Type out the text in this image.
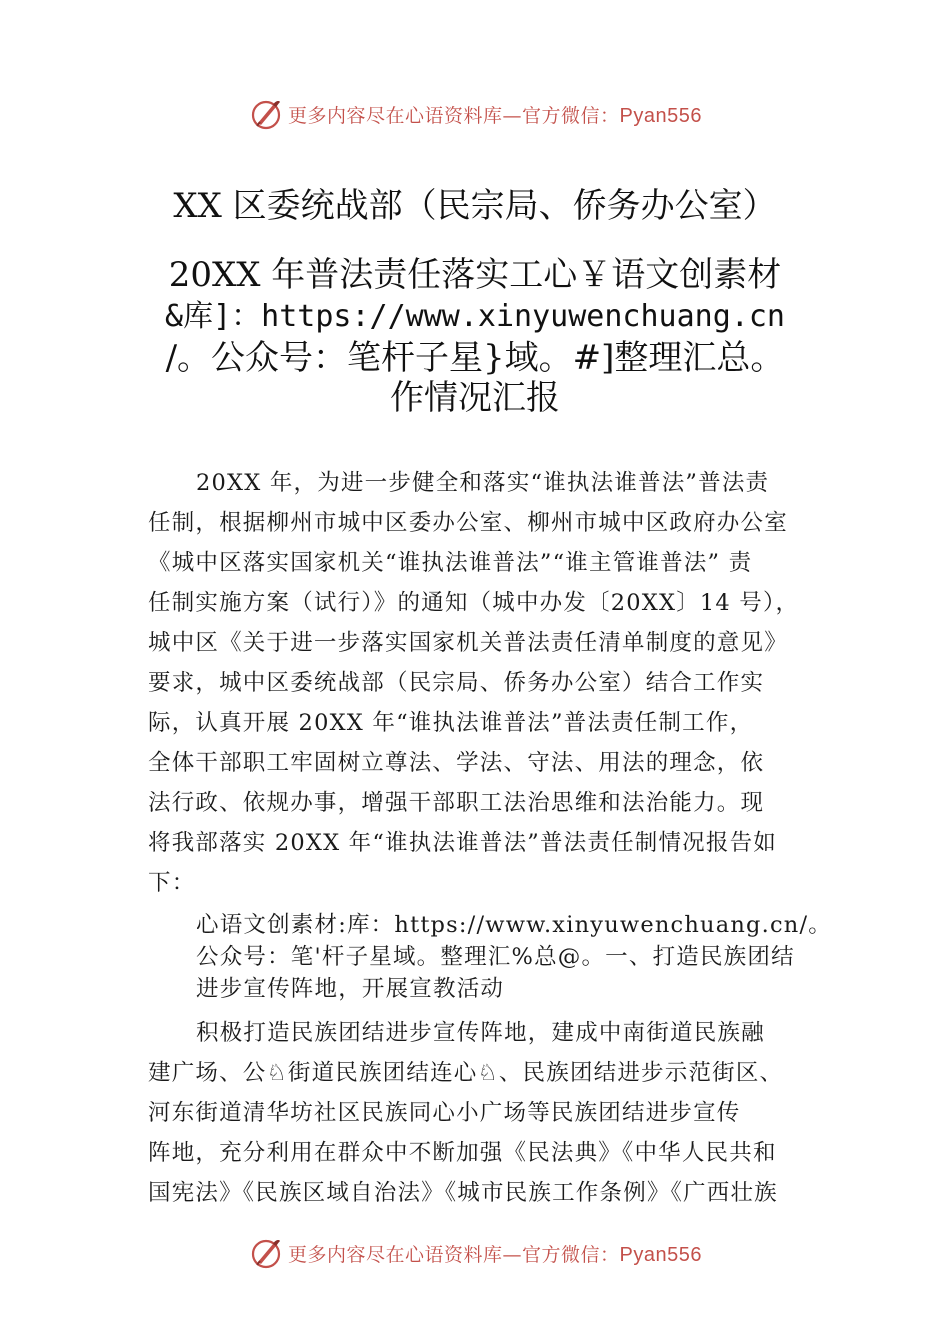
更多内容尽在心语资料库—官方微信：Pyan556
XX 区委统战部（民宗局、侨务办公室）
20XX 年普法责任落实工心￥语文创素材
&库]：https://www.xinyuwenchuang.cn
/。公众号：笔杆子星}域。#]整理汇总。
作情况汇报
20XX 年，为进一步健全和落实“谁执法谁普法”普法责
任制，根据柳州市城中区委办公室、柳州市城中区政府办公室
《城中区落实国家机关“谁执法谁普法”“谁主管谁普法” 责
任制实施方案（试行）》的通知（城中办发〔20XX〕14 号），
城中区《关于进一步落实国家机关普法责任清单制度的意见》
要求，城中区委统战部（民宗局、侨务办公室）结合工作实
际，认真开展 20XX 年“谁执法谁普法”普法责任制工作，
全体干部职工牢固树立尊法、学法、守法、用法的理念，依
法行政、依规办事，增强干部职工法治思维和法治能力。现
将我部落实 20XX 年“谁执法谁普法”普法责任制情况报告如
下：
心语文创素材:库：https://www.xinyuwenchuang.cn/。
公众号：笔'杆子星域。整理汇%总@。一、打造民族团结
进步宣传阵地，开展宣教活动
积极打造民族团结进步宣传阵地，建成中南街道民族融
建广场、公♘街道民族团结连心♘、民族团结进步示范街区、
河东街道清华坊社区民族同心小广场等民族团结进步宣传
阵地，充分利用在群众中不断加强《民法典》《中华人民共和
国宪法》《民族区域自治法》《城市民族工作条例》《广西壮族
更多内容尽在心语资料库—官方微信：Pyan556
